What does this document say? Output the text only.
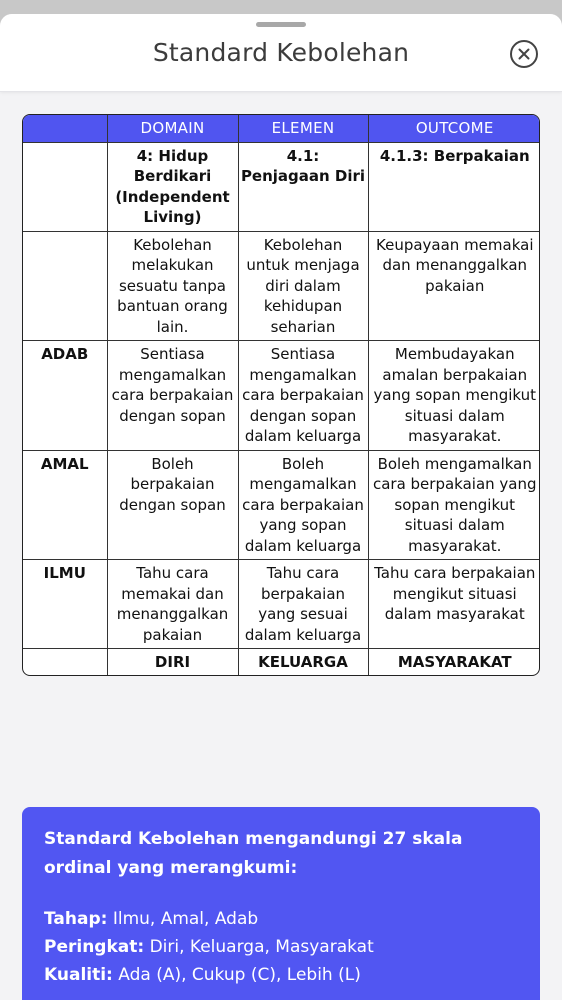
Standard Kebolehan
	DOMAIN	ELEMEN	OUTCOME
	4: Hidup Berdikari (Independent Living)	4.1: Penjagaan Diri	4.1.3: Berpakaian
	Kebolehan melakukan sesuatu tanpa bantuan orang lain.	Kebolehan untuk menjaga diri dalam kehidupan seharian	Keupayaan memakai dan menanggalkan pakaian
ADAB	Sentiasa mengamalkan cara berpakaian dengan sopan	Sentiasa mengamalkan cara berpakaian dengan sopan dalam keluarga	Membudayakan amalan berpakaian yang sopan mengikut situasi dalam masyarakat.
AMAL	Boleh berpakaian dengan sopan	Boleh mengamalkan cara berpakaian yang sopan dalam keluarga	Boleh mengamalkan cara berpakaian yang sopan mengikut situasi dalam masyarakat.
ILMU	Tahu cara memakai dan menanggalkan pakaian	Tahu cara berpakaian yang sesuai dalam keluarga	Tahu cara berpakaian mengikut situasi dalam masyarakat
	DIRI	KELUARGA	MASYARAKAT
Standard Kebolehan mengandungi 27 skala ordinal yang merangkumi:
Tahap: Ilmu, Amal, Adab
Peringkat: Diri, Keluarga, Masyarakat
Kualiti: Ada (A), Cukup (C), Lebih (L)
